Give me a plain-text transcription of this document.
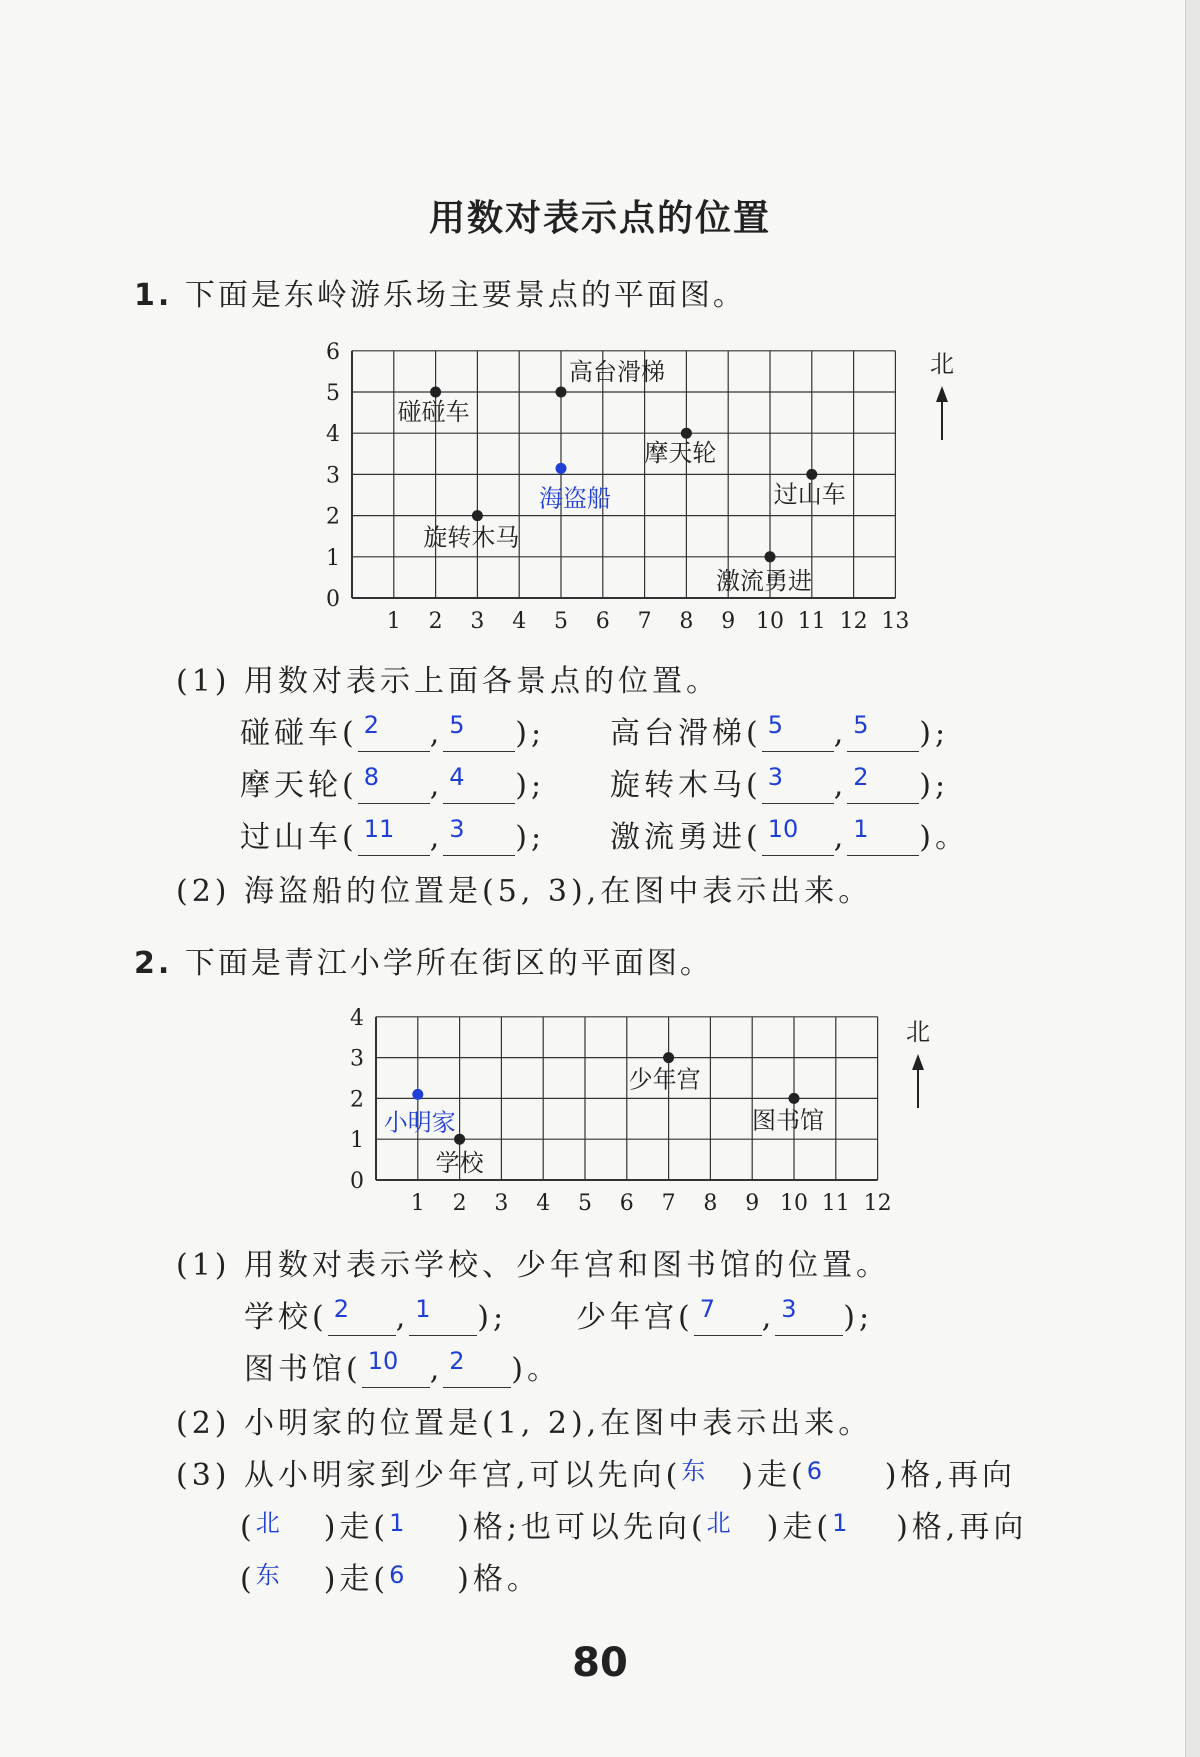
用数对表示点的位置
1. 下面是东岭游乐场主要景点的平面图。
1 2 3 4 5 6 7 8 9 10 11 12 13
0
1
2
3
4
5
6
碰碰车
高台滑梯
摩天轮
旋转木马
过山车
激流勇进
海盗船
北
1 2 3 4 5 6 7 8 9 10 11 12
0
1
2
3
4
少年宫
图书馆
学校
小明家
北
(1) 用数对表示上面各景点的位置。
碰碰车( 2 , 5 ); 高台滑梯( 5 , 5 );
摩天轮( 8 , 4 ); 旋转木马( 3 , 2 );
过山车( 11 , 3 ); 激流勇进( 10 , 1 )。
(2) 海盗船的位置是(5, 3),在图中表示出来。
2. 下面是青江小学所在街区的平面图。
(1) 用数对表示学校、少年宫和图书馆的位置。
学校( 2 , 1 ); 少年宫( 7 , 3 );
图书馆( 10 , 2 )。
(2) 小明家的位置是(1, 2),在图中表示出来。
(3) 从小明家到少年宫,可以先向(东 )走(6 )格,再向
(北 )走(1 )格;也可以先向(北 )走(1 )格,再向
(东 )走(6 )格。
80
